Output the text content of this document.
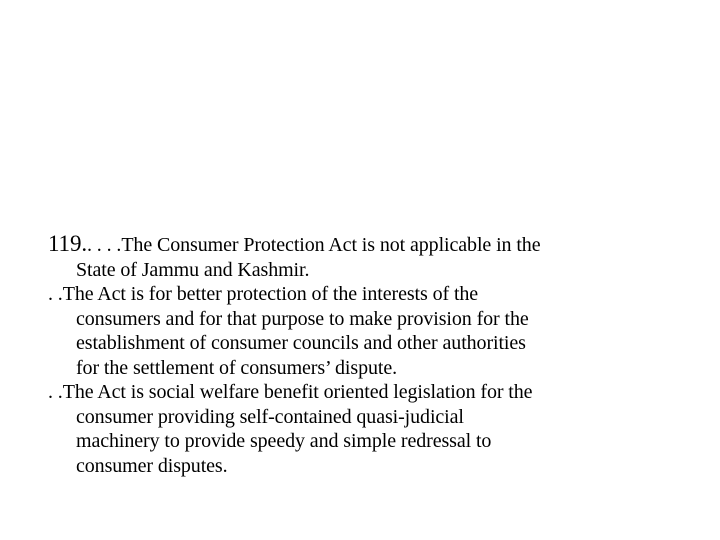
119.. . . .The Consumer Protection Act is not applicable in the
State of Jammu and Kashmir.

. .The Act is for better protection of the interests of the
consumers and for that purpose to make provision for the
establishment of consumer councils and other authorities
for the settlement of consumers’ dispute.

. .The Act is social welfare benefit oriented legislation for the
consumer providing self-contained quasi-judicial
machinery to provide speedy and simple redressal to
consumer disputes.
